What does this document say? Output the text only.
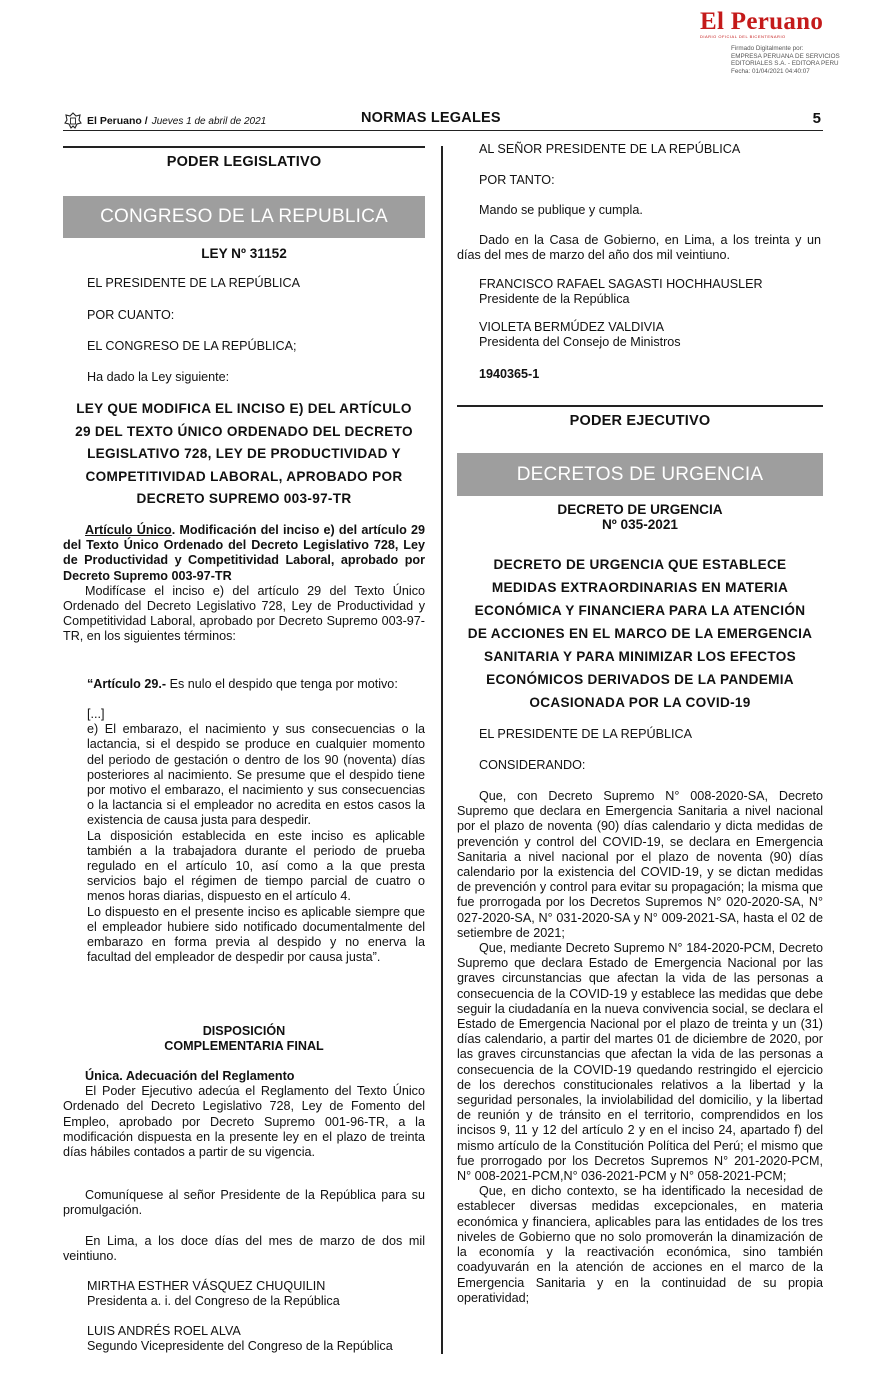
El Peruano
DIARIO OFICIAL DEL BICENTENARIO
Firmado Digitalmente por:
EMPRESA PERUANA DE SERVICIOS
EDITORIALES S.A. - EDITORA PERU
Fecha: 01/04/2021 04:40:07
El Peruano / Jueves 1 de abril de 2021	NORMAS LEGALES	5
PODER LEGISLATIVO
CONGRESO DE LA REPUBLICA
LEY Nº 31152
EL PRESIDENTE DE LA REPÚBLICA
POR CUANTO:
EL CONGRESO DE LA REPÚBLICA;
Ha dado la Ley siguiente:
LEY QUE MODIFICA EL INCISO E) DEL ARTÍCULO
29 DEL TEXTO ÚNICO ORDENADO DEL DECRETO
LEGISLATIVO 728, LEY DE PRODUCTIVIDAD Y
COMPETITIVIDAD LABORAL, APROBADO POR
DECRETO SUPREMO 003-97-TR

Artículo Único. Modificación del inciso e) del artículo 29 del Texto Único Ordenado del Decreto Legislativo 728, Ley de Productividad y Competitividad Laboral, aprobado por Decreto Supremo 003-97-TR

Modifícase el inciso e) del artículo 29 del Texto Único Ordenado del Decreto Legislativo 728, Ley de Productividad y Competitividad Laboral, aprobado por Decreto Supremo 003-97-TR, en los siguientes términos:

“Artículo 29.- Es nulo el despido que tenga por motivo:

[...]

e) El embarazo, el nacimiento y sus consecuencias o la lactancia, si el despido se produce en cualquier momento del periodo de gestación o dentro de los 90 (noventa) días posteriores al nacimiento. Se presume que el despido tiene por motivo el embarazo, el nacimiento y sus consecuencias o la lactancia si el empleador no acredita en estos casos la existencia de causa justa para despedir.

La disposición establecida en este inciso es aplicable también a la trabajadora durante el periodo de prueba regulado en el artículo 10, así como a la que presta servicios bajo el régimen de tiempo parcial de cuatro o menos horas diarias, dispuesto en el artículo 4.

Lo dispuesto en el presente inciso es aplicable siempre que el empleador hubiere sido notificado documentalmente del embarazo en forma previa al despido y no enerva la facultad del empleador de despedir por causa justa”.

DISPOSICIÓN
COMPLEMENTARIA FINAL

Única. Adecuación del Reglamento

El Poder Ejecutivo adecúa el Reglamento del Texto Único Ordenado del Decreto Legislativo 728, Ley de Fomento del Empleo, aprobado por Decreto Supremo 001-96-TR, a la modificación dispuesta en la presente ley en el plazo de treinta días hábiles contados a partir de su vigencia.

Comuníquese al señor Presidente de la República para su promulgación.
En Lima, a los doce días del mes de marzo de dos mil veintiuno.
MIRTHA ESTHER VÁSQUEZ CHUQUILIN
Presidenta a. i. del Congreso de la República
LUIS ANDRÉS ROEL ALVA
Segundo Vicepresidente del Congreso de la República
AL SEÑOR PRESIDENTE DE LA REPÚBLICA
POR TANTO:
Mando se publique y cumpla.
Dado en la Casa de Gobierno, en Lima, a los treinta y un días del mes de marzo del año dos mil veintiuno.
FRANCISCO RAFAEL SAGASTI HOCHHAUSLER
Presidente de la República
VIOLETA BERMÚDEZ VALDIVIA
Presidenta del Consejo de Ministros
1940365-1
PODER EJECUTIVO
DECRETOS DE URGENCIA
DECRETO DE URGENCIA
Nº 035-2021
DECRETO DE URGENCIA QUE ESTABLECE
MEDIDAS EXTRAORDINARIAS EN MATERIA
ECONÓMICA Y FINANCIERA PARA LA ATENCIÓN
DE ACCIONES EN EL MARCO DE LA EMERGENCIA
SANITARIA Y PARA MINIMIZAR LOS EFECTOS
ECONÓMICOS DERIVADOS DE LA PANDEMIA
OCASIONADA POR LA COVID-19
EL PRESIDENTE DE LA REPÚBLICA
CONSIDERANDO:

Que, con Decreto Supremo N° 008-2020-SA, Decreto Supremo que declara en Emergencia Sanitaria a nivel nacional por el plazo de noventa (90) días calendario y dicta medidas de prevención y control del COVID-19, se declara en Emergencia Sanitaria a nivel nacional por el plazo de noventa (90) días calendario por la existencia del COVID-19, y se dictan medidas de prevención y control para evitar su propagación; la misma que fue prorrogada por los Decretos Supremos N° 020-2020-SA, N° 027-2020-SA, N° 031-2020-SA y N° 009-2021-SA, hasta el 02 de setiembre de 2021;

Que, mediante Decreto Supremo N° 184-2020-PCM, Decreto Supremo que declara Estado de Emergencia Nacional por las graves circunstancias que afectan la vida de las personas a consecuencia de la COVID-19 y establece las medidas que debe seguir la ciudadanía en la nueva convivencia social, se declara el Estado de Emergencia Nacional por el plazo de treinta y un (31) días calendario, a partir del martes 01 de diciembre de 2020, por las graves circunstancias que afectan la vida de las personas a consecuencia de la COVID-19 quedando restringido el ejercicio de los derechos constitucionales relativos a la libertad y la seguridad personales, la inviolabilidad del domicilio, y la libertad de reunión y de tránsito en el territorio, comprendidos en los incisos 9, 11 y 12 del artículo 2 y en el inciso 24, apartado f) del mismo artículo de la Constitución Política del Perú; el mismo que fue prorrogado por los Decretos Supremos N° 201-2020-PCM, N° 008-2021-PCM,N° 036-2021-PCM y N° 058-2021-PCM;

Que, en dicho contexto, se ha identificado la necesidad de establecer diversas medidas excepcionales, en materia económica y financiera, aplicables para las entidades de los tres niveles de Gobierno que no solo promoverán la dinamización de la economía y la reactivación económica, sino también coadyuvarán en la atención de acciones en el marco de la Emergencia Sanitaria y en la continuidad de su propia operatividad;
